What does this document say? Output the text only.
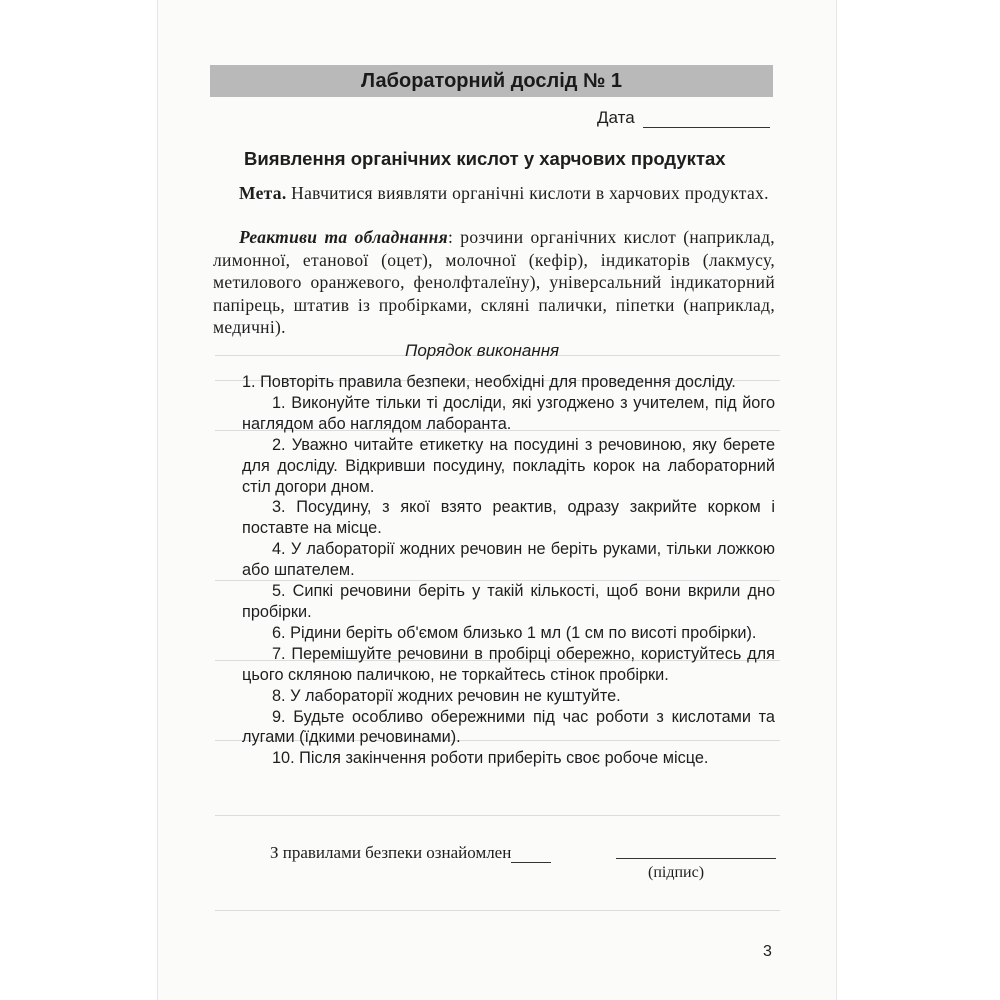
Лабораторний дослід № 1
Дата
Виявлення органічних кислот у харчових продуктах
Мета. Навчитися виявляти органічні кислоти в харчових продуктах.
Реактиви та обладнання: розчини органічних кислот (наприклад, лимонної, етанової (оцет), молочної (кефір), індикаторів (лакмусу, метилового оранжевого, фенолфталеїну), універсальний індикаторний папірець, штатив із пробірками, скляні палички, піпетки (наприклад, медичні).
Порядок виконання

1. Повторіть правила безпеки, необхідні для проведення досліду.

1. Виконуйте тільки ті досліди, які узгоджено з учителем, під його наглядом або наглядом лаборанта.

2. Уважно читайте етикетку на посудині з речовиною, яку берете для досліду. Відкривши посудину, покладіть корок на лабораторний стіл догори дном.

3. Посудину, з якої взято реактив, одразу закрийте корком і поставте на місце.

4. У лабораторії жодних речовин не беріть руками, тільки ложкою або шпателем.

5. Сипкі речовини беріть у такій кількості, щоб вони вкрили дно пробірки.

6. Рідини беріть об'ємом близько 1 мл (1 см по висоті пробірки).

7. Перемішуйте речовини в пробірці обережно, користуйтесь для цього скляною паличкою, не торкайтесь стінок пробірки.

8. У лабораторії жодних речовин не куштуйте.

9. Будьте особливо обережними під час роботи з кислотами та лугами (їдкими речовинами).

10. Після закінчення роботи приберіть своє робоче місце.

З правилами безпеки ознайомлен
(підпис)
3
